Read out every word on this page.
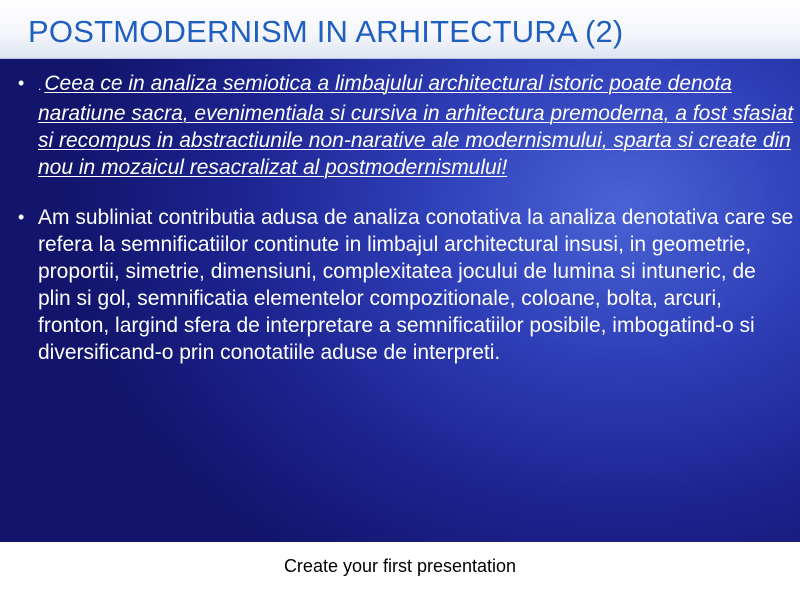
POSTMODERNISM IN ARHITECTURA (2)
• . Ceea ce in analiza semiotica a limbajului architectural istoric poate denota naratiune sacra, evenimentiala si cursiva in arhitectura premoderna, a fost sfasiat si recompus in abstractiunile non-narative ale modernismului, sparta si create din nou in mozaicul resacralizat al postmodernismului!
• Am subliniat contributia adusa de analiza conotativa la analiza denotativa care se refera la semnificatiilor continute in limbajul architectural insusi, in geometrie, proportii, simetrie, dimensiuni, complexitatea jocului de lumina si intuneric, de plin si gol, semnificatia elementelor compozitionale, coloane, bolta, arcuri, fronton, largind sfera de interpretare a semnificatiilor posibile, imbogatind-o si diversificand-o prin conotatiile aduse de interpreti.
Create your first presentation
